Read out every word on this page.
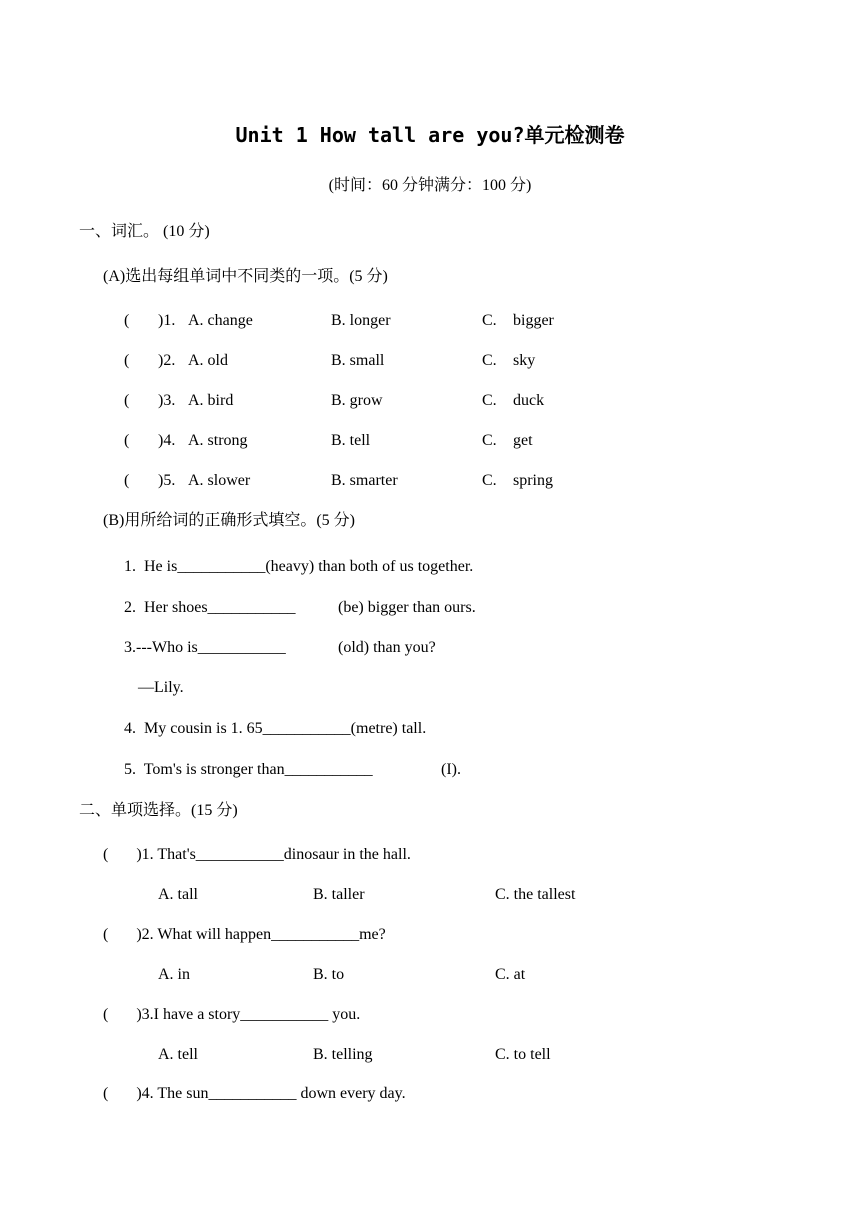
Unit 1 How tall are you?单元检测卷
(时间：60 分钟满分：100 分)
一、词汇。 (10 分)
(A)选出每组单词中不同类的一项。(5 分)
( )1. A. change	B. longer	C. bigger
( )2. A. old	B. small	C. sky
( )3. A. bird	B. grow	C. duck
( )4. A. strong	B. tell	C. get
( )5. A. slower	B. smarter	C. spring
(B)用所给词的正确形式填空。(5 分)
1.  He is___________(heavy) than both of us together.
2.  Her shoes___________	(be) bigger than ours.
3.---Who is___________	(old) than you?
—Lily.
4.  My cousin is 1. 65___________(metre) tall.
5.  Tom's is stronger than___________	(I).
二、单项选择。(15 分)
(       )1. That's___________dinosaur in the hall.
A. tall	B. taller	C. the tallest
(       )2. What will happen___________me?
A. in	B. to	C. at
(       )3.I have a story___________ you.
A. tell	B. telling	C. to tell
(       )4. The sun___________ down every day.
